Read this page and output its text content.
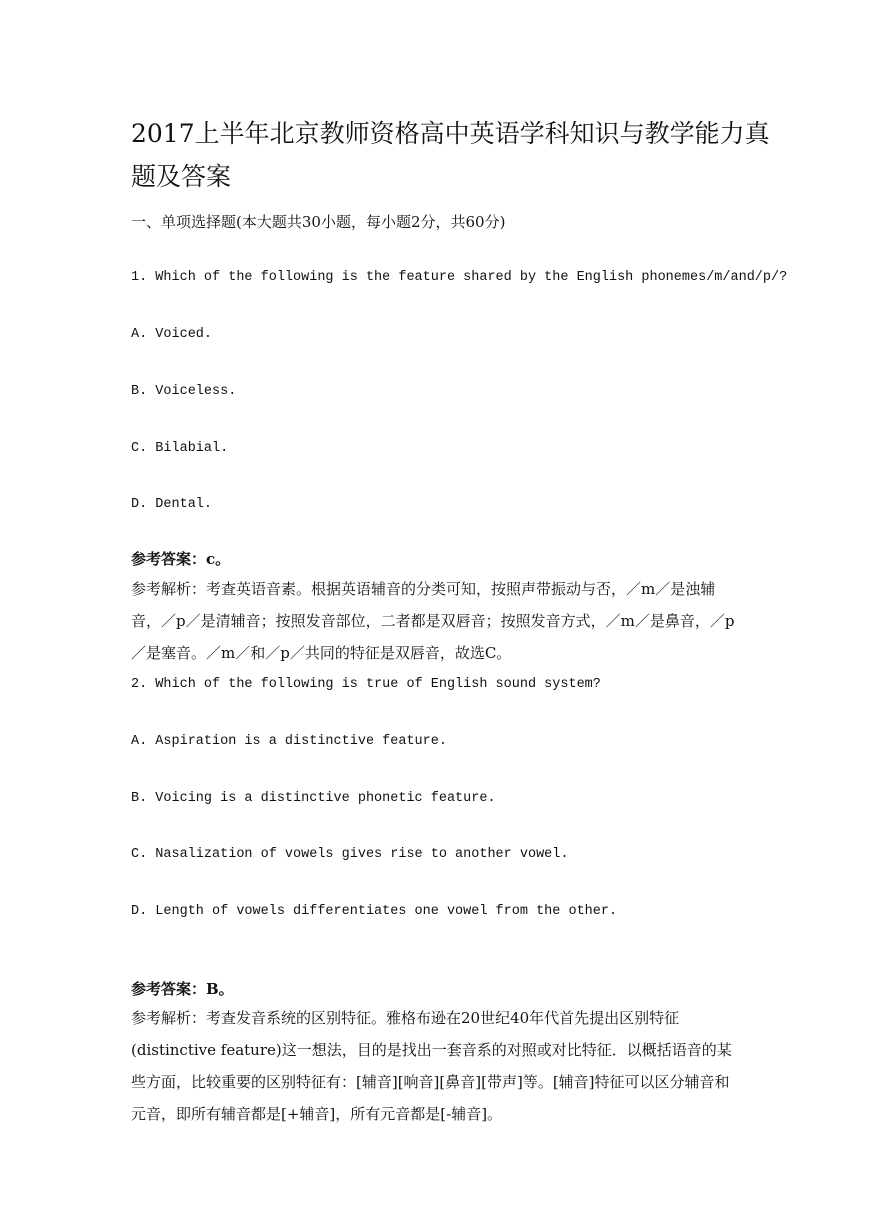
2017上半年北京教师资格高中英语学科知识与教学能力真
题及答案
一、单项选择题(本大题共30小题，每小题2分，共60分)
1. Which of the following is the feature shared by the English phonemes/m/and/p/?
A. Voiced.
B. Voiceless.
C. Bilabial.
D. Dental.
参考答案：c。
参考解析：考查英语音素。根据英语辅音的分类可知，按照声带振动与否，／m／是浊辅音，／p／是清辅音；按照发音部位，二者都是双唇音；按照发音方式，／m／是鼻音，／p／是塞音。／m／和／p／共同的特征是双唇音，故选C。
2. Which of the following is true of English sound system?
A. Aspiration is a distinctive feature.
B. Voicing is a distinctive phonetic feature.
C. Nasalization of vowels gives rise to another vowel.
D. Length of vowels differentiates one vowel from the other.
参考答案：B。
参考解析：考查发音系统的区别特征。雅格布逊在20世纪40年代首先提出区别特征(distinctive feature)这一想法，目的是找出一套音系的对照或对比特征．以概括语音的某些方面，比较重要的区别特征有：[辅音][响音][鼻音][带声]等。[辅音]特征可以区分辅音和元音，即所有辅音都是[+辅音]，所有元音都是[-辅音]。
